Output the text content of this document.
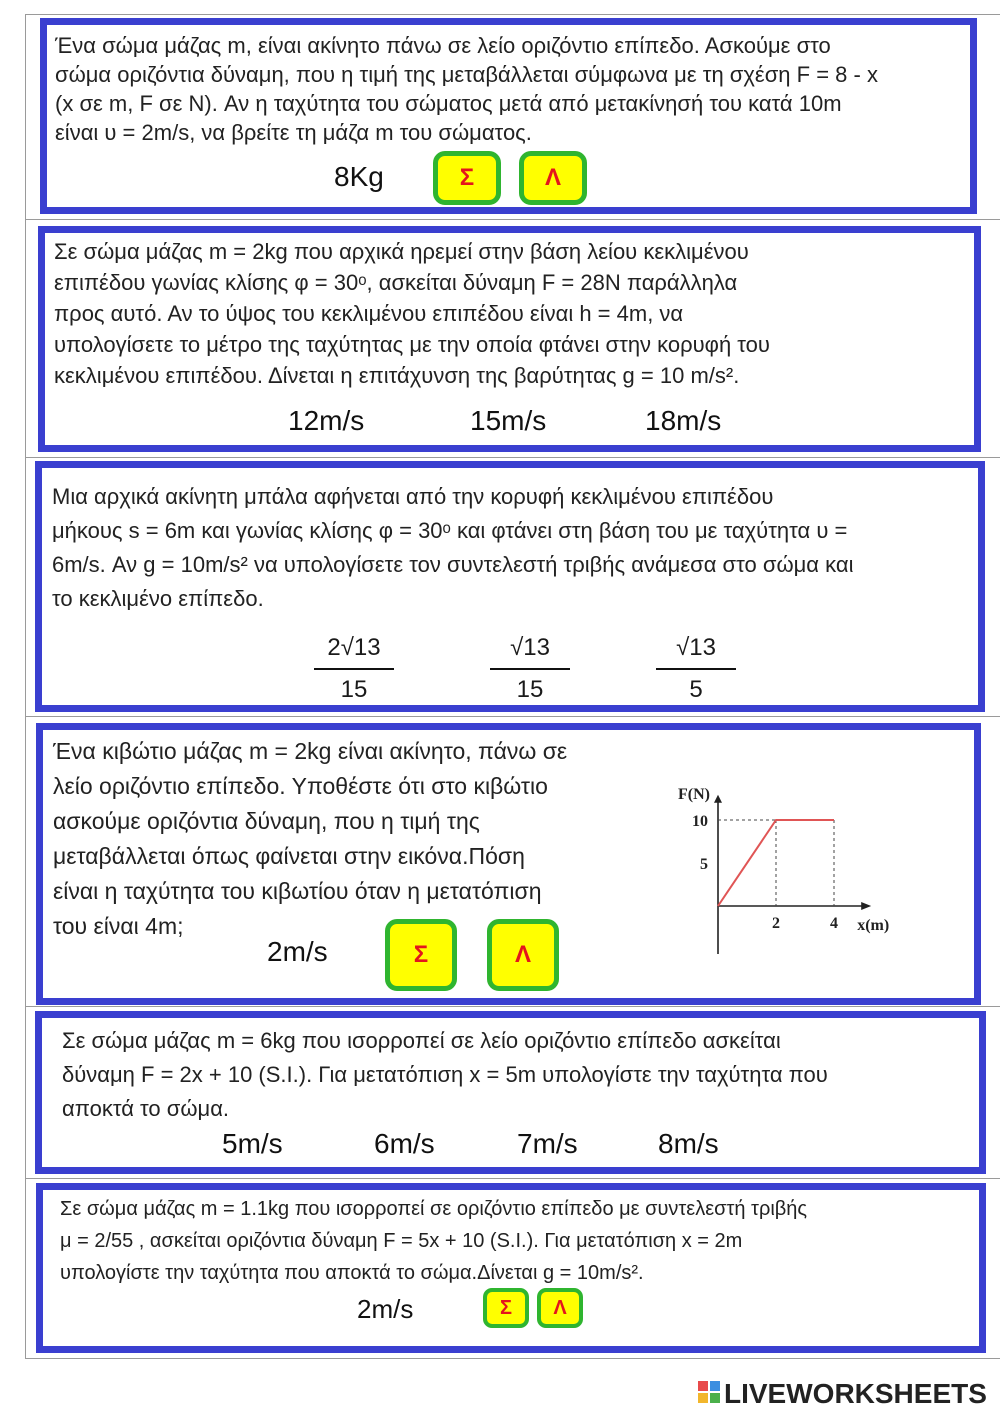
Ένα σώμα μάζας m, είναι ακίνητο πάνω σε λείο οριζόντιο επίπεδο. Ασκούμε στο
σώμα οριζόντια δύναμη, που η τιμή της μεταβάλλεται σύμφωνα με τη σχέση F = 8 - x
(x σε m, F σε N). Αν η ταχύτητα του σώματος μετά από μετακίνησή του κατά 10m
είναι υ = 2m/s, να βρείτε τη μάζα m του σώματος.
8Kg	Σ	Λ
Σε σώμα μάζας m = 2kg που αρχικά ηρεμεί στην βάση λείου κεκλιμένου
επιπέδου γωνίας κλίσης φ = 30ᵒ, ασκείται δύναμη F = 28N παράλληλα
προς αυτό. Αν το ύψος του κεκλιμένου επιπέδου είναι h = 4m, να
υπολογίσετε το μέτρο της ταχύτητας με την οποία φτάνει στην κορυφή του
κεκλιμένου επιπέδου. Δίνεται η επιτάχυνση της βαρύτητας g = 10 m/s².
12m/s	15m/s	18m/s
Μια αρχικά ακίνητη μπάλα αφήνεται από την κορυφή κεκλιμένου επιπέδου
μήκους s = 6m και γωνίας κλίσης φ = 30ᵒ και φτάνει στη βάση του με ταχύτητα υ =
6m/s. Αν g = 10m/s² να υπολογίσετε τον συντελεστή τριβής ανάμεσα στο σώμα και
το κεκλιμένο επίπεδο.
$\frac{2√13}{15}$	$\frac{√13}{15}$	$\frac{√13}{5}$
Ένα κιβώτιο μάζας m = 2kg είναι ακίνητο, πάνω σε
λείο οριζόντιο επίπεδο. Υποθέστε ότι στο κιβώτιο
ασκούμε οριζόντια δύναμη, που η τιμή της
μεταβάλλεται όπως φαίνεται στην εικόνα.Πόση
είναι η ταχύτητα του κιβωτίου όταν η μετατόπιση
του είναι 4m;
2m/s	Σ	Λ
F(N)
x(m)
5
10
2	4
Σε σώμα μάζας m = 6kg που ισορροπεί σε λείο οριζόντιο επίπεδο ασκείται
δύναμη F = 2x + 10 (S.I.). Για μετατόπιση x = 5m υπολογίστε την ταχύτητα που
αποκτά το σώμα.
5m/s	6m/s	7m/s	8m/s
Σε σώμα μάζας m = 1.1kg που ισορροπεί σε οριζόντιο επίπεδο με συντελεστή τριβής
μ = 2/55 , ασκείται οριζόντια δύναμη F = 5x + 10 (S.I.). Για μετατόπιση x = 2m
υπολογίστε την ταχύτητα που αποκτά το σώμα.Δίνεται g = 10m/s².
2m/s	Σ	Λ
LIVEWORKSHEETS
